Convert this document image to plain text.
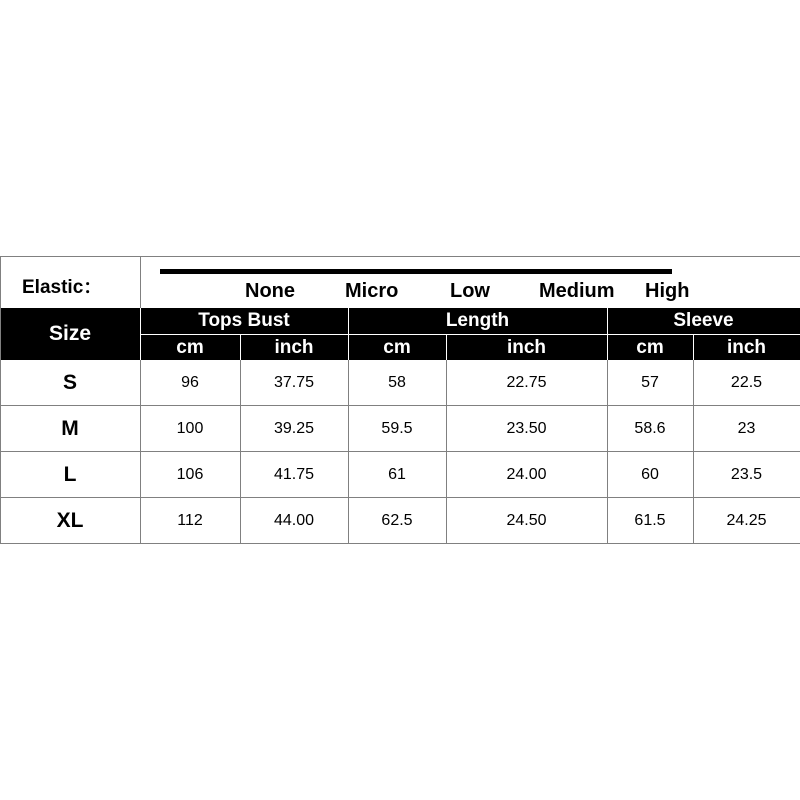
Elastic：	None	Micro	Low Medium High
Size
Tops Bust	Length	Sleeve
cm	inch	cm	inch	cm	inch
S	96	37.75	58	22.75	57	22.5
M	100	39.25	59.5	23.50	58.6	23
L	106	41.75	61	24.00	60	23.5
XL	112	44.00	62.5	24.50	61.5	24.25
